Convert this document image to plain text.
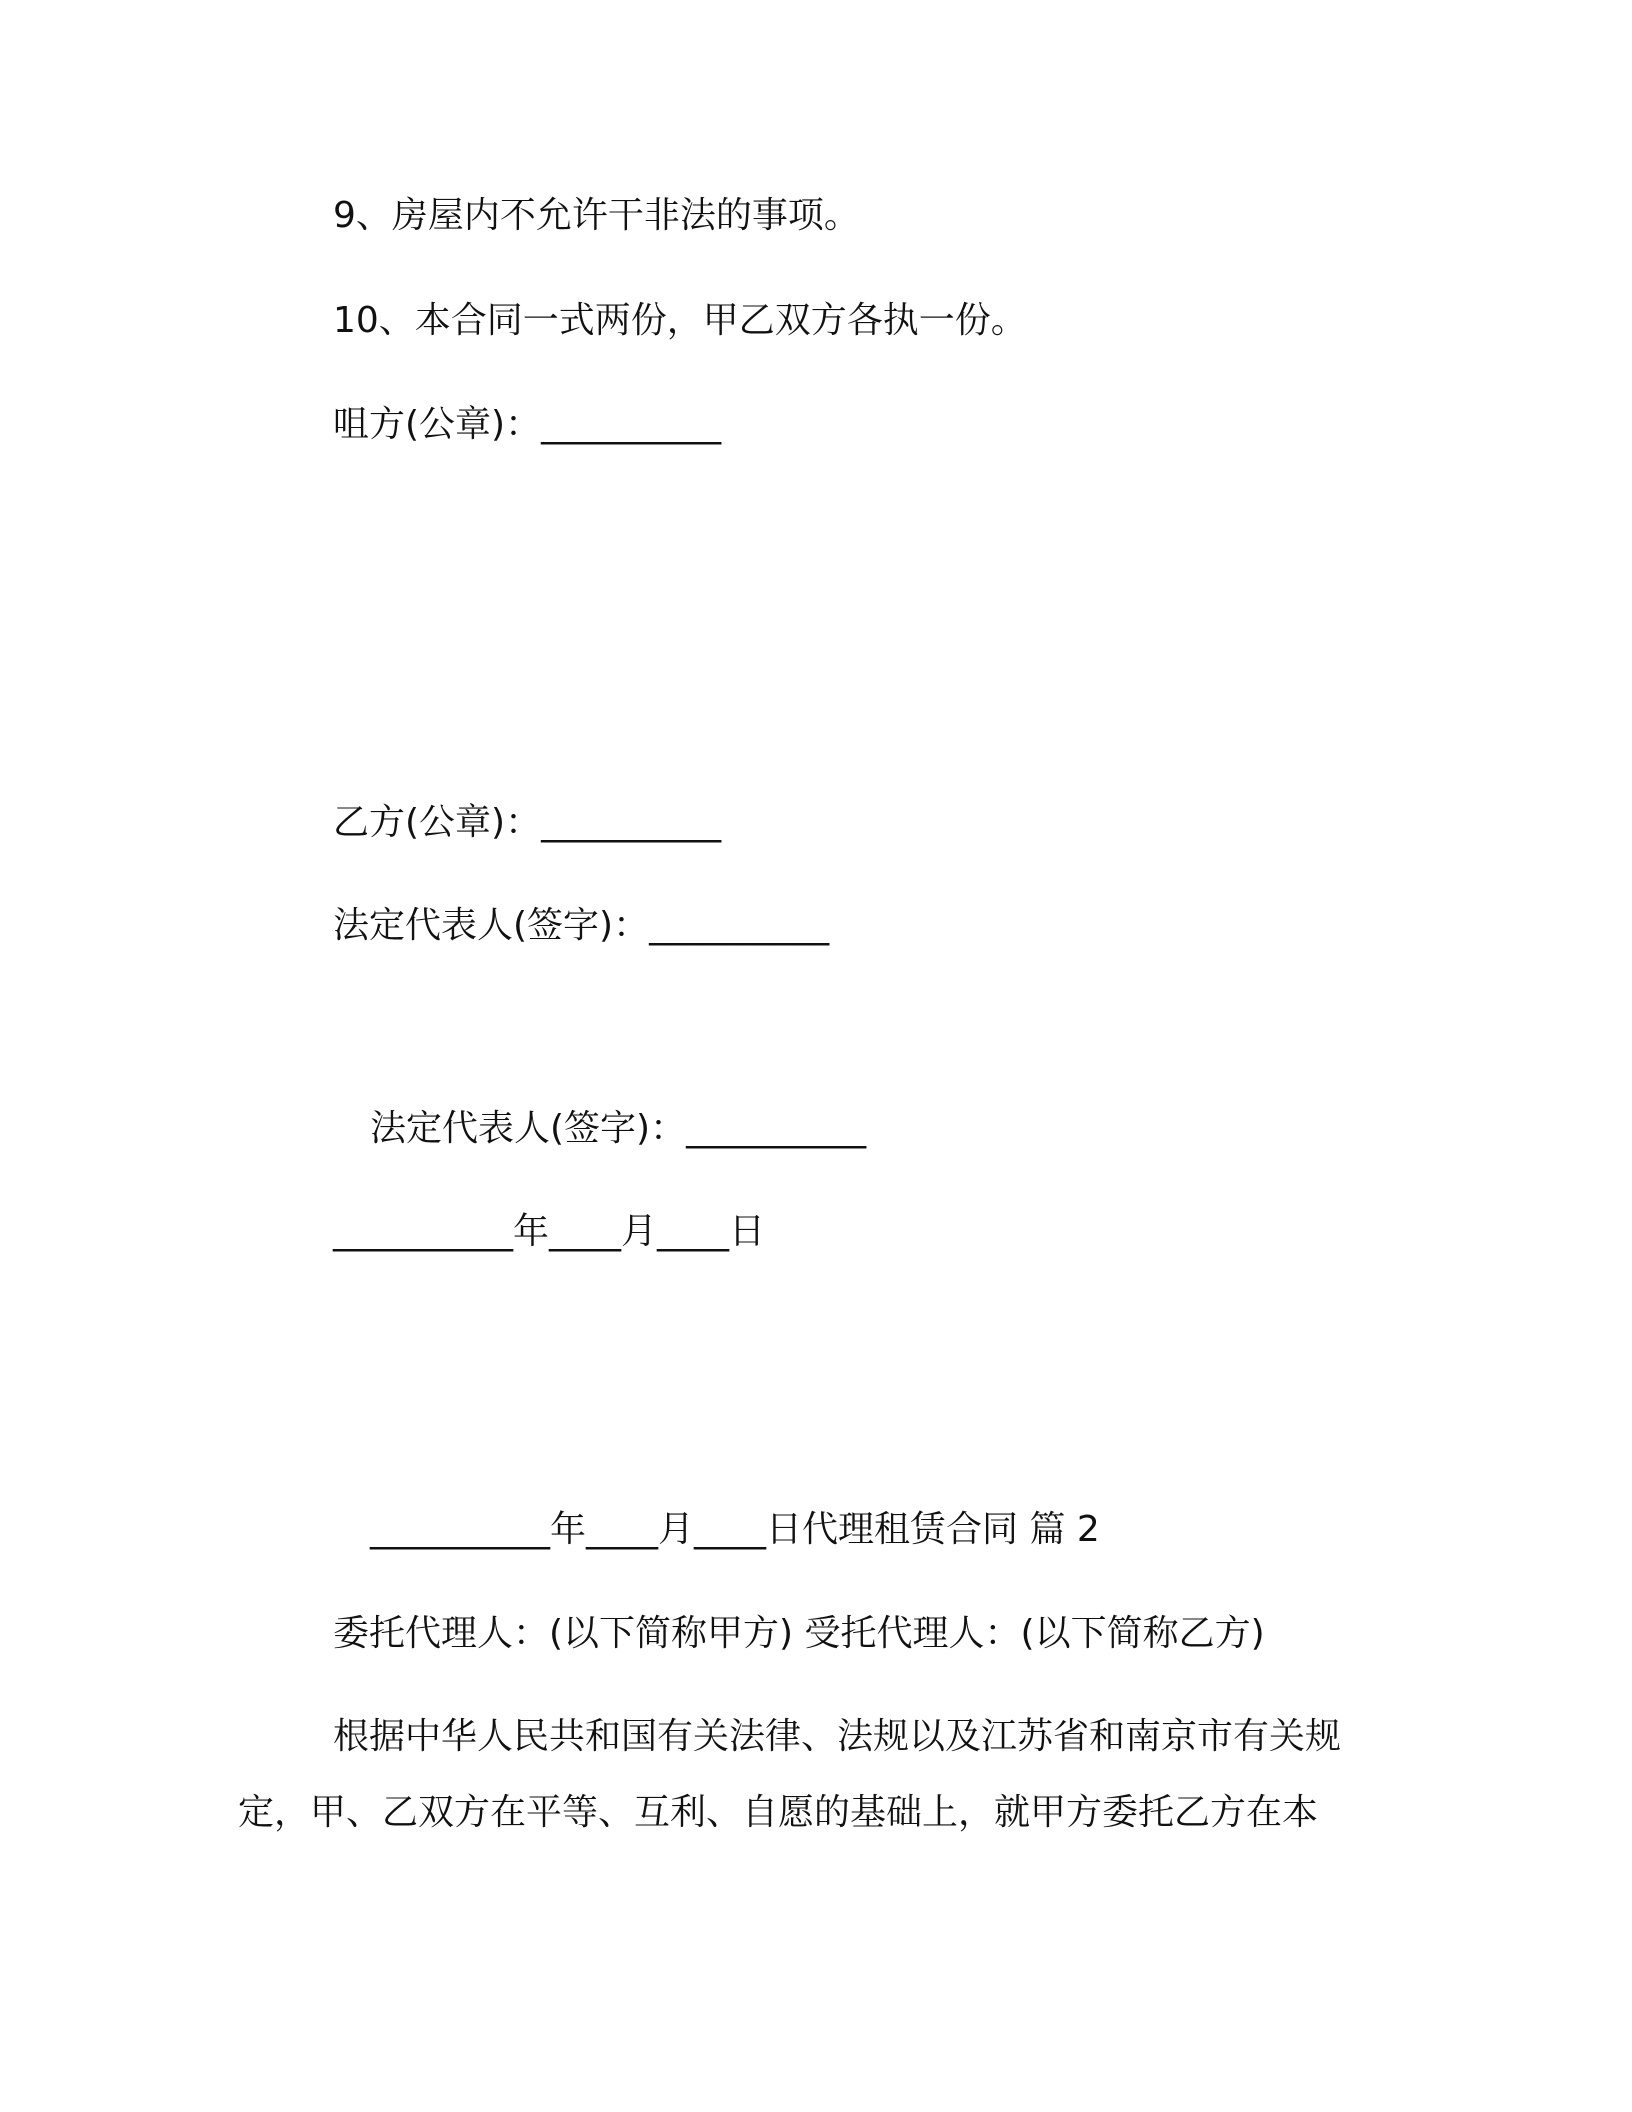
9、房屋内不允许干非法的事项。
10、本合同一式两份，甲乙双方各执一份。
咀方(公章)：__________
乙方(公章)：__________
法定代表人(签字)：__________
法定代表人(签字)：__________
__________年____月____日
__________年____月____日代理租赁合同 篇 2
委托代理人：(以下简称甲方) 受托代理人：(以下简称乙方)
根据中华人民共和国有关法律、法规以及江苏省和南京市有关规
定，甲、乙双方在平等、互利、自愿的基础上，就甲方委托乙方在本
